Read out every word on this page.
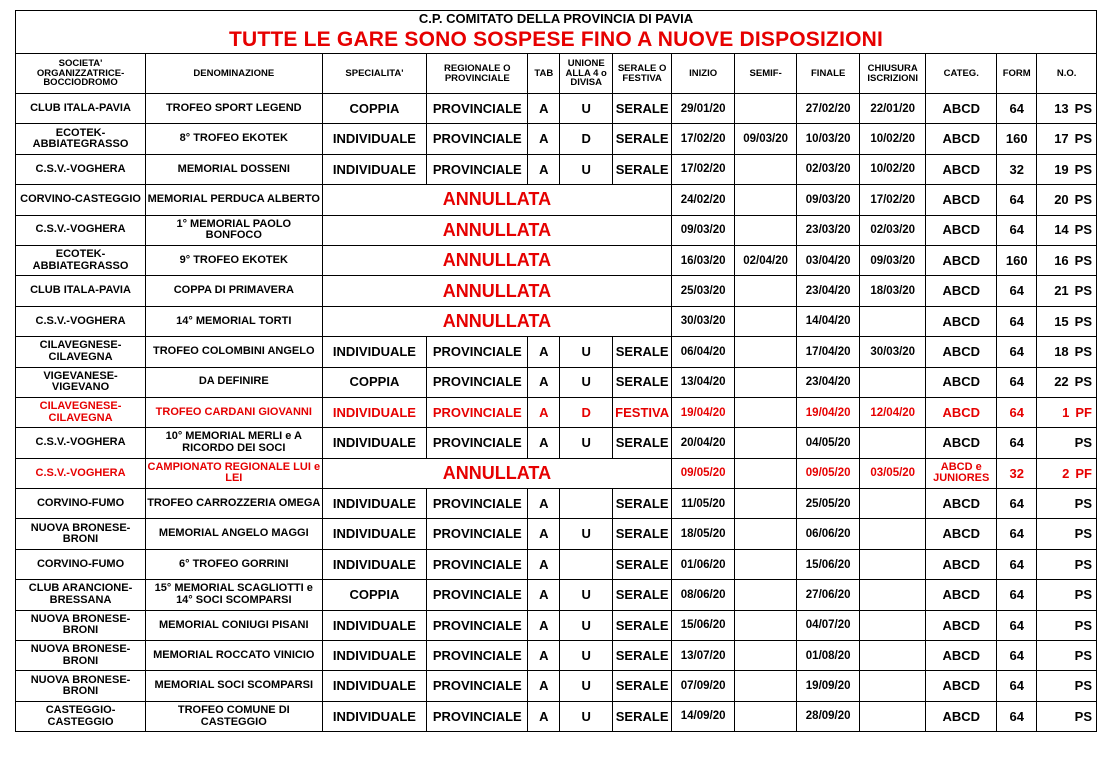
C.P. COMITATO DELLA PROVINCIA DI PAVIA													
TUTTE LE GARE SONO SOSPESE FINO A NUOVE DISPOSIZIONI													
SOCIETA' ORGANIZZATRICE-BOCCIODROMO	DENOMINAZIONE	SPECIALITA'	REGIONALE O PROVINCIALE	TAB	UNIONE ALLA 4 o DIVISA	SERALE O FESTIVA	INIZIO	SEMIF-	FINALE	CHIUSURA ISCRIZIONI	CATEG.	FORM	N.O.
CLUB ITALA-PAVIA	TROFEO SPORT LEGEND	COPPIA	PROVINCIALE	A	U	SERALE	29/01/20		27/02/20	22/01/20	ABCD	64	13 PS

ECOTEK-ABBIATEGRASSO	8° TROFEO EKOTEK	INDIVIDUALE	PROVINCIALE	A	D	SERALE	17/02/20	09/03/20	10/03/20	10/02/20	ABCD	160	17 PS

C.S.V.-VOGHERA	MEMORIAL DOSSENI	INDIVIDUALE	PROVINCIALE	A	U	SERALE	17/02/20		02/03/20	10/02/20	ABCD	32	19 PS

CORVINO-CASTEGGIO	MEMORIAL PERDUCA ALBERTO	ANNULLATA					24/02/20		09/03/20	17/02/20	ABCD	64	20 PS

C.S.V.-VOGHERA	1° MEMORIAL PAOLO BONFOCO	ANNULLATA					09/03/20		23/03/20	02/03/20	ABCD	64	14 PS

ECOTEK-ABBIATEGRASSO	9° TROFEO EKOTEK	ANNULLATA					16/03/20	02/04/20	03/04/20	09/03/20	ABCD	160	16 PS

CLUB ITALA-PAVIA	COPPA DI PRIMAVERA	ANNULLATA					25/03/20		23/04/20	18/03/20	ABCD	64	21 PS

C.S.V.-VOGHERA	14° MEMORIAL TORTI	ANNULLATA					30/03/20		14/04/20		ABCD	64	15 PS

CILAVEGNESE-CILAVEGNA	TROFEO COLOMBINI ANGELO	INDIVIDUALE	PROVINCIALE	A	U	SERALE	06/04/20		17/04/20	30/03/20	ABCD	64	18 PS

VIGEVANESE-VIGEVANO	DA DEFINIRE	COPPIA	PROVINCIALE	A	U	SERALE	13/04/20		23/04/20		ABCD	64	22 PS

CILAVEGNESE-CILAVEGNA	TROFEO CARDANI GIOVANNI	INDIVIDUALE	PROVINCIALE	A	D	FESTIVA	19/04/20		19/04/20	12/04/20	ABCD	64	1 PF

C.S.V.-VOGHERA	10° MEMORIAL MERLI e A RICORDO DEI SOCI	INDIVIDUALE	PROVINCIALE	A	U	SERALE	20/04/20		04/05/20		ABCD	64	PS

C.S.V.-VOGHERA	CAMPIONATO REGIONALE LUI e LEI	ANNULLATA					09/05/20		09/05/20	03/05/20	ABCD e JUNIORES	32	2 PF

CORVINO-FUMO	TROFEO CARROZZERIA OMEGA	INDIVIDUALE	PROVINCIALE	A		SERALE	11/05/20		25/05/20		ABCD	64	PS

NUOVA BRONESE-BRONI	MEMORIAL ANGELO MAGGI	INDIVIDUALE	PROVINCIALE	A	U	SERALE	18/05/20		06/06/20		ABCD	64	PS

CORVINO-FUMO	6° TROFEO GORRINI	INDIVIDUALE	PROVINCIALE	A		SERALE	01/06/20		15/06/20		ABCD	64	PS

CLUB ARANCIONE-BRESSANA	15° MEMORIAL SCAGLIOTTI e 14° SOCI SCOMPARSI	COPPIA	PROVINCIALE	A	U	SERALE	08/06/20		27/06/20		ABCD	64	PS

NUOVA BRONESE-BRONI	MEMORIAL CONIUGI PISANI	INDIVIDUALE	PROVINCIALE	A	U	SERALE	15/06/20		04/07/20		ABCD	64	PS

NUOVA BRONESE-BRONI	MEMORIAL ROCCATO VINICIO	INDIVIDUALE	PROVINCIALE	A	U	SERALE	13/07/20		01/08/20		ABCD	64	PS

NUOVA BRONESE-BRONI	MEMORIAL SOCI SCOMPARSI	INDIVIDUALE	PROVINCIALE	A	U	SERALE	07/09/20		19/09/20		ABCD	64	PS

CASTEGGIO-CASTEGGIO	TROFEO COMUNE DI CASTEGGIO	INDIVIDUALE	PROVINCIALE	A	U	SERALE	14/09/20		28/09/20		ABCD	64	PS
